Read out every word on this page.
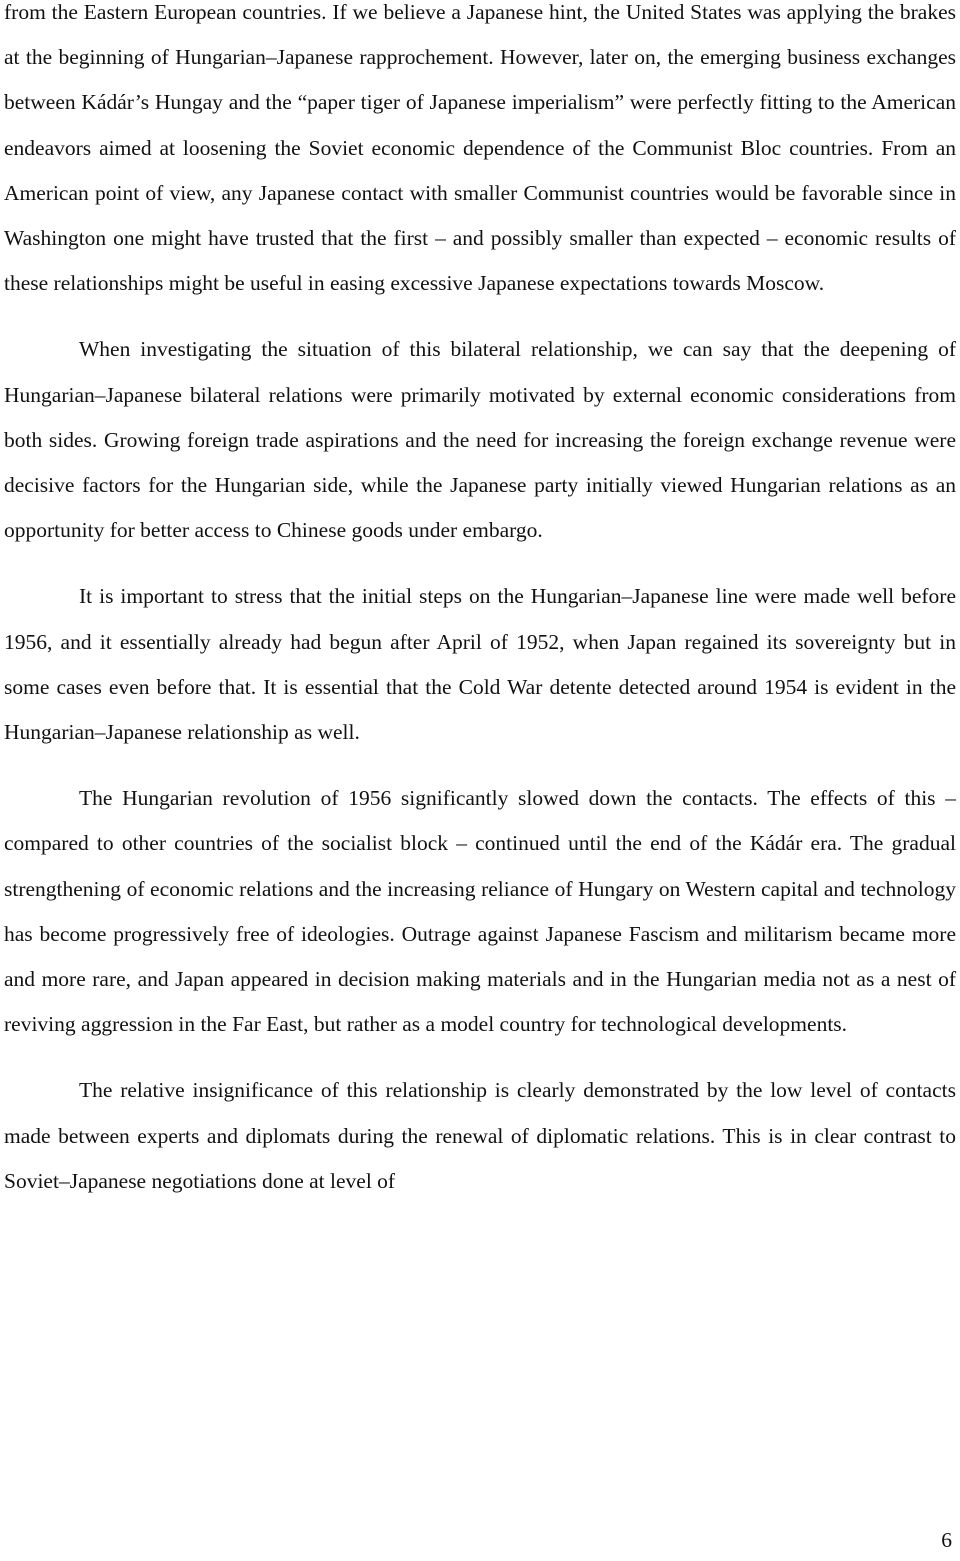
from the Eastern European countries. If we believe a Japanese hint, the United States was applying the brakes at the beginning of Hungarian–Japanese rapprochement. However, later on, the emerging business exchanges between Kádár’s Hungay and the “paper tiger of Japanese imperialism” were perfectly fitting to the American endeavors aimed at loosening the Soviet economic dependence of the Communist Bloc countries. From an American point of view, any Japanese contact with smaller Communist countries would be favorable since in Washington one might have trusted that the first – and possibly smaller than expected – economic results of these relationships might be useful in easing excessive Japanese expectations towards Moscow.

When investigating the situation of this bilateral relationship, we can say that the deepening of Hungarian–Japanese bilateral relations were primarily motivated by external economic considerations from both sides. Growing foreign trade aspirations and the need for increasing the foreign exchange revenue were decisive factors for the Hungarian side, while the Japanese party initially viewed Hungarian relations as an opportunity for better access to Chinese goods under embargo.

It is important to stress that the initial steps on the Hungarian–Japanese line were made well before 1956, and it essentially already had begun after April of 1952, when Japan regained its sovereignty but in some cases even before that. It is essential that the Cold War detente detected around 1954 is evident in the Hungarian–Japanese relationship as well.

The Hungarian revolution of 1956 significantly slowed down the contacts. The effects of this – compared to other countries of the socialist block – continued until the end of the Kádár era. The gradual strengthening of economic relations and the increasing reliance of Hungary on Western capital and technology has become progressively free of ideologies. Outrage against Japanese Fascism and militarism became more and more rare, and Japan appeared in decision making materials and in the Hungarian media not as a nest of reviving aggression in the Far East, but rather as a model country for technological developments.

The relative insignificance of this relationship is clearly demonstrated by the low level of contacts made between experts and diplomats during the renewal of diplomatic relations. This is in clear contrast to Soviet–Japanese negotiations done at level of

6
